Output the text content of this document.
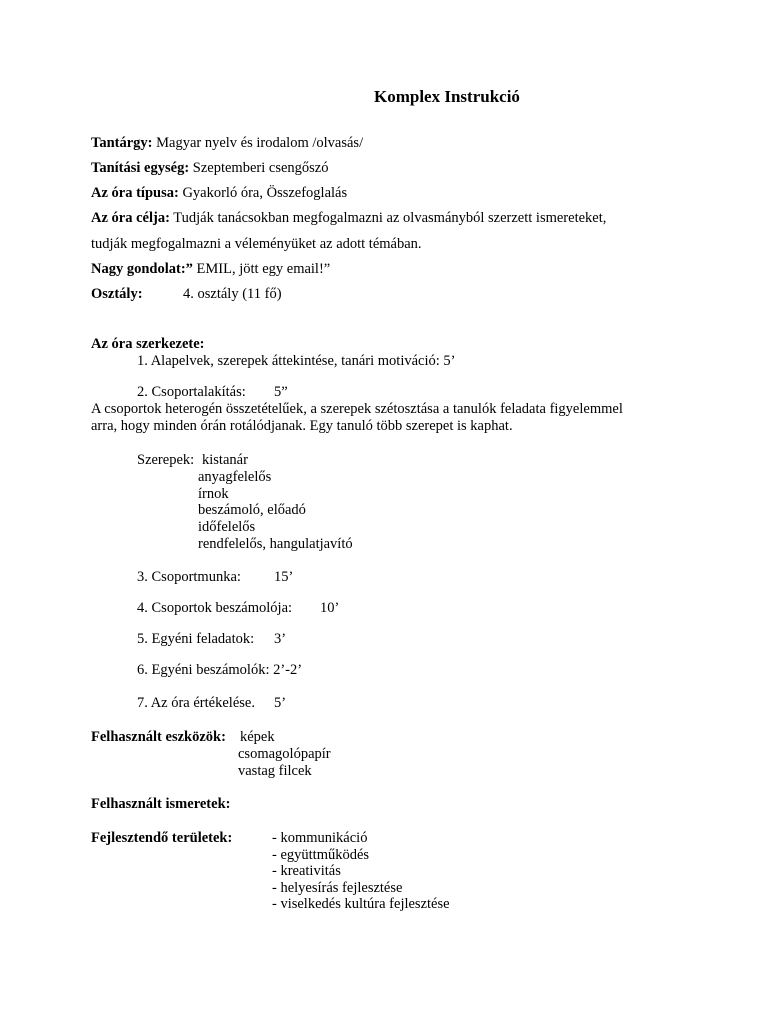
Komplex Instrukció
Tantárgy: Magyar nyelv és irodalom /olvasás/
Tanítási egység: Szeptemberi csengőszó
Az óra típusa: Gyakorló óra, Összefoglalás
Az óra célja: Tudják tanácsokban megfogalmazni az olvasmányból szerzett ismereteket,
tudják megfogalmazni a véleményüket az adott témában.
Nagy gondolat:” EMIL, jött egy email!”
Osztály:	4. osztály (11 fő)
Az óra szerkezete:
1. Alapelvek, szerepek áttekintése, tanári motiváció: 5’
2. Csoportalakítás: 5”
A csoportok heterogén összetételűek, a szerepek szétosztása a tanulók feladata figyelemmel
arra, hogy minden órán rotálódjanak. Egy tanuló több szerepet is kaphat.
Szerepek: kistanár
anyagfelelős
írnok
beszámoló, előadó
időfelelős
rendfelelős, hangulatjavító
3. Csoportmunka: 15’
4. Csoportok beszámolója: 10’
5. Egyéni feladatok: 3’
6. Egyéni beszámolók: 2’-2’
7. Az óra értékelése. 5’
Felhasznált eszközök: képek
csomagolópapír
vastag filcek
Felhasznált ismeretek:
Fejlesztendő területek:	- kommunikáció
- együttműködés
- kreativitás
- helyesírás fejlesztése
- viselkedés kultúra fejlesztése
